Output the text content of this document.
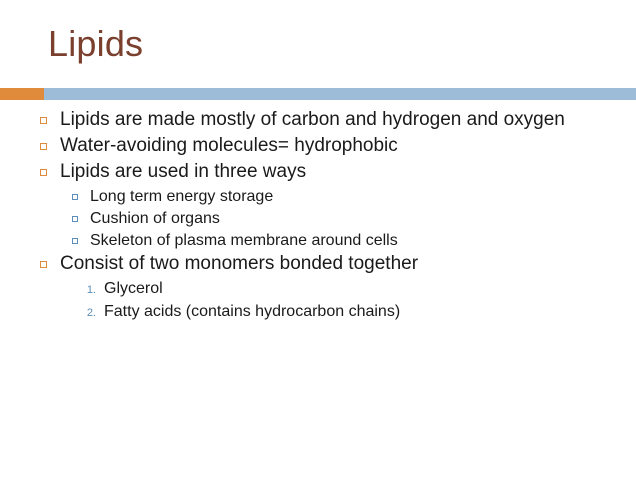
Lipids
Lipids are made mostly of carbon and hydrogen and oxygen
Water-avoiding molecules= hydrophobic
Lipids are used in three ways
Long term energy storage
Cushion of organs
Skeleton of plasma membrane around cells
Consist of two monomers bonded together
1. Glycerol
2. Fatty acids (contains hydrocarbon chains)
